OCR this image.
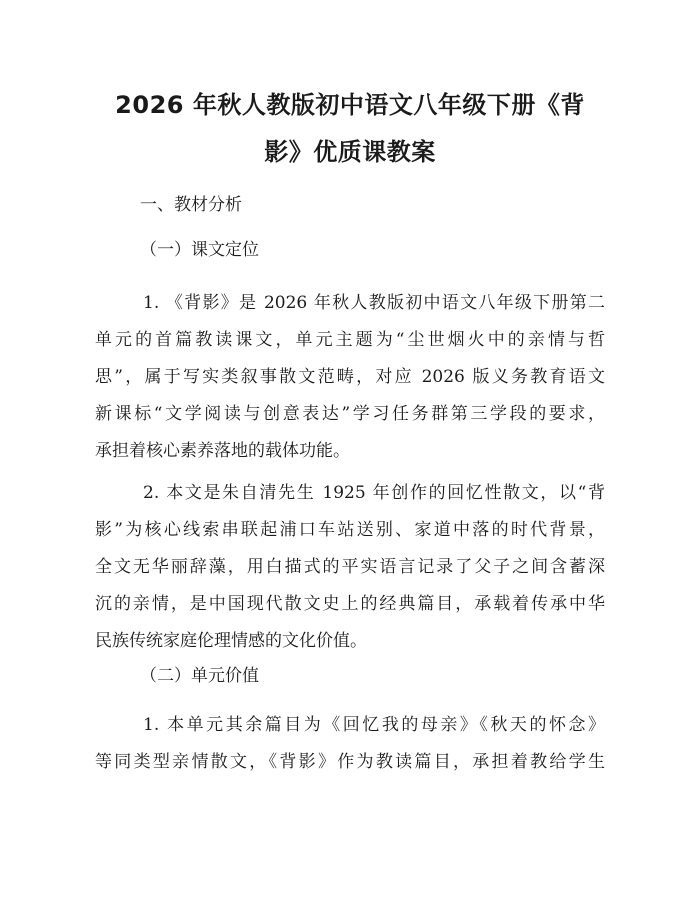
2026 年秋人教版初中语文八年级下册《背
影》优质课教案

一、教材分析

（一）课文定位

1. 《背影》是 2026 年秋人教版初中语文八年级下册第二
单元的首篇教读课文，单元主题为“尘世烟火中的亲情与哲
思”，属于写实类叙事散文范畴，对应 2026 版义务教育语文
新课标“文学阅读与创意表达”学习任务群第三学段的要求，
承担着核心素养落地的载体功能。
2. 本文是朱自清先生 1925 年创作的回忆性散文，以“背
影”为核心线索串联起浦口车站送别、家道中落的时代背景，
全文无华丽辞藻，用白描式的平实语言记录了父子之间含蓄深
沉的亲情，是中国现代散文史上的经典篇目，承载着传承中华
民族传统家庭伦理情感的文化价值。

（二）单元价值

1. 本单元其余篇目为《回忆我的母亲》《秋天的怀念》
等同类型亲情散文，《背影》作为教读篇目，承担着教给学生
